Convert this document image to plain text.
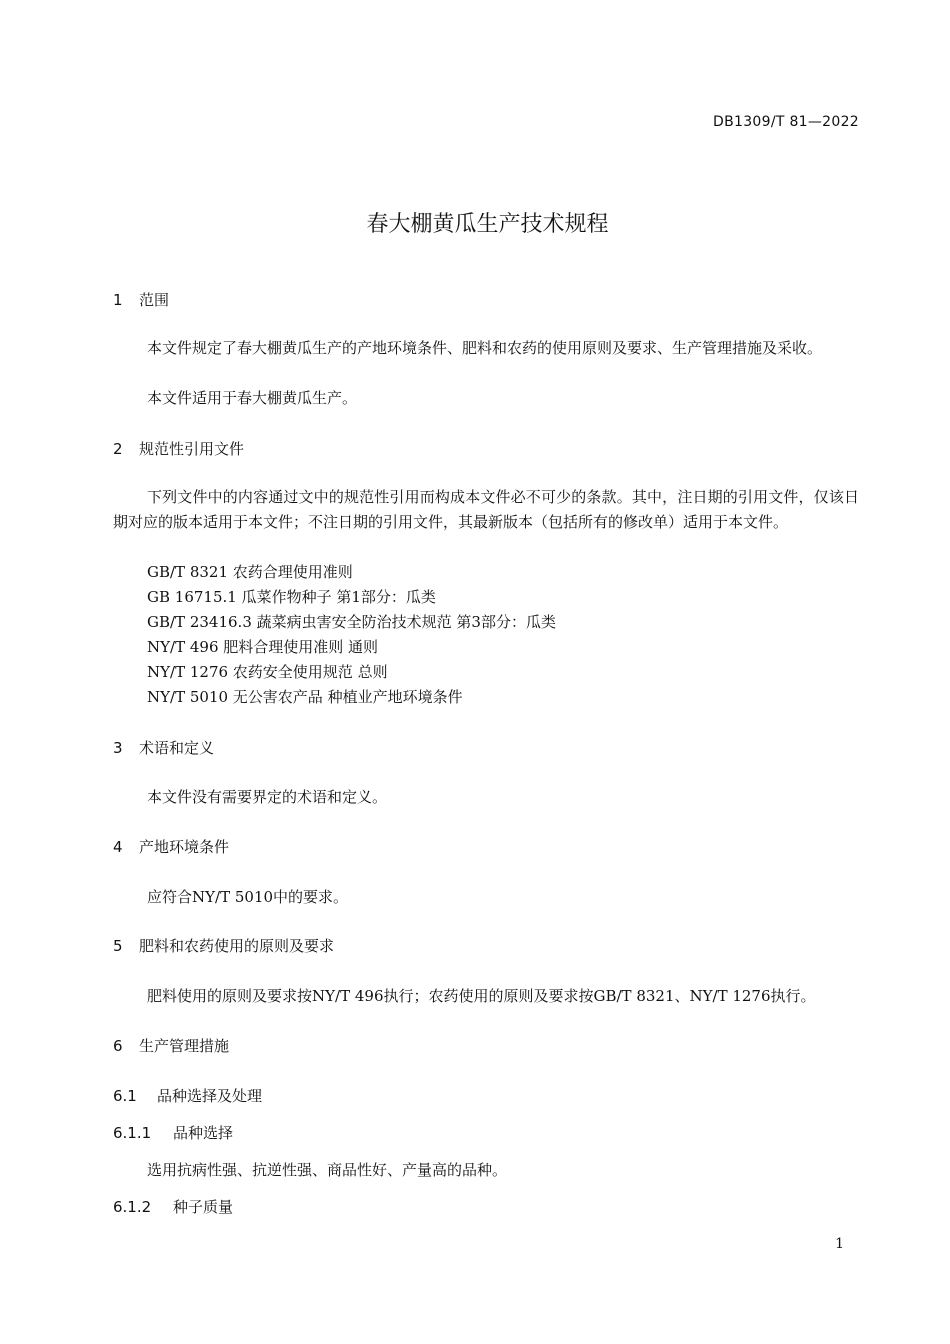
DB1309/T 81—2022
春大棚黄瓜生产技术规程
1 范围
本文件规定了春大棚黄瓜生产的产地环境条件、肥料和农药的使用原则及要求、生产管理措施及采收。
本文件适用于春大棚黄瓜生产。
2 规范性引用文件
下列文件中的内容通过文中的规范性引用而构成本文件必不可少的条款。其中，注日期的引用文件，仅该日期对应的版本适用于本文件；不注日期的引用文件，其最新版本（包括所有的修改单）适用于本文件。
GB/T 8321 农药合理使用准则
GB 16715.1 瓜菜作物种子 第1部分：瓜类
GB/T 23416.3 蔬菜病虫害安全防治技术规范 第3部分：瓜类
NY/T 496 肥料合理使用准则 通则
NY/T 1276 农药安全使用规范 总则
NY/T 5010 无公害农产品 种植业产地环境条件
3 术语和定义
本文件没有需要界定的术语和定义。
4 产地环境条件
应符合NY/T 5010中的要求。
5 肥料和农药使用的原则及要求
肥料使用的原则及要求按NY/T 496执行；农药使用的原则及要求按GB/T 8321、NY/T 1276执行。
6 生产管理措施
6.1 品种选择及处理
6.1.1 品种选择
选用抗病性强、抗逆性强、商品性好、产量高的品种。
6.1.2 种子质量
1
